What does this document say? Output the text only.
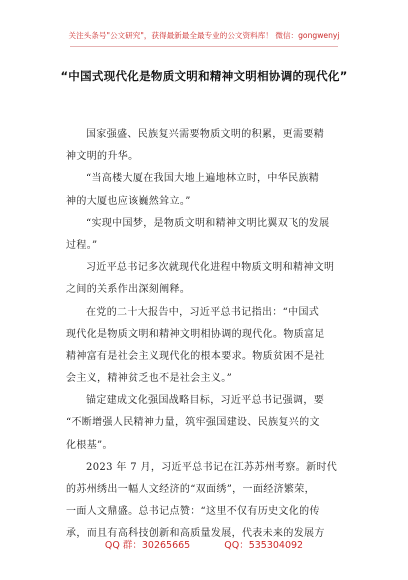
关注头条号"公文研究"，获得最新最全最专业的公文资料库！ 微信：gongwenyj
“中国式现代化是物质文明和精神文明相协调的现代化”
国家强盛、民族复兴需要物质文明的积累，更需要精
神文明的升华。
“当高楼大厦在我国大地上遍地林立时，中华民族精
神的大厦也应该巍然耸立。”
“实现中国梦，是物质文明和精神文明比翼双飞的发展
过程。”
习近平总书记多次就现代化进程中物质文明和精神文明
之间的关系作出深刻阐释。
在党的二十大报告中，习近平总书记指出：“中国式
现代化是物质文明和精神文明相协调的现代化。物质富足
精神富有是社会主义现代化的根本要求。物质贫困不是社
会主义，精神贫乏也不是社会主义。”
锚定建成文化强国战略目标，习近平总书记强调，要
“不断增强人民精神力量，筑牢强国建设、民族复兴的文
化根基”。
2023 年 7 月，习近平总书记在江苏苏州考察。新时代
的苏州绣出一幅人文经济的“双面绣”，一面经济繁荣，
一面人文鼎盛。总书记点赞：“这里不仅有历史文化的传
承，而且有高科技创新和高质量发展，代表未来的发展方
QQ 群：30265665	QQ：535304092
